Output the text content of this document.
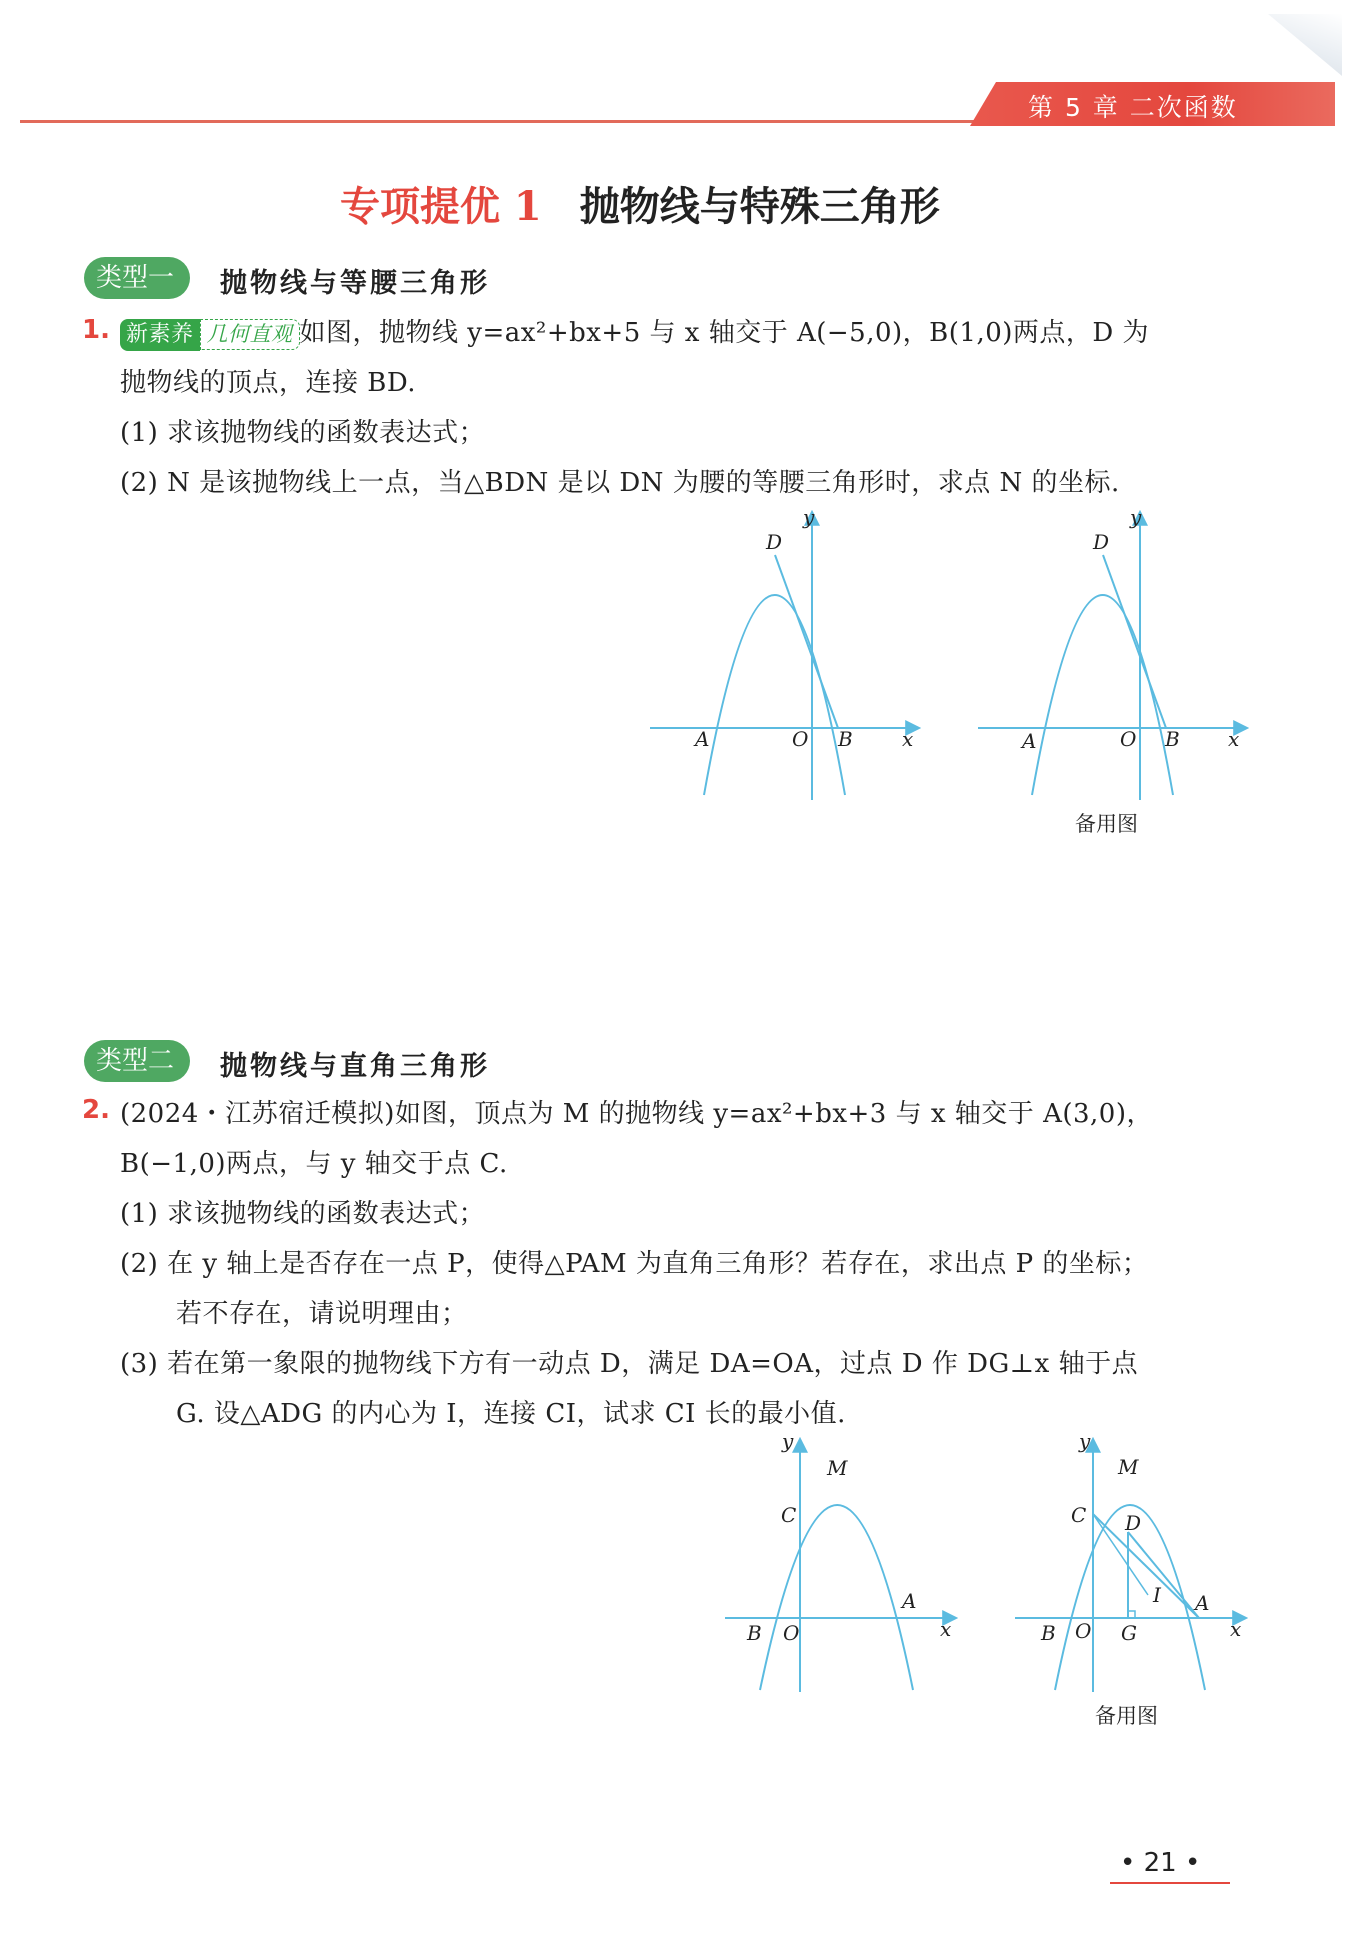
第 5 章 二次函数
专项提优 1 抛物线与特殊三角形
类型一	抛物线与等腰三角形
1. 新素养 几何直观 如图，抛物线 y=ax²+bx+5 与 x 轴交于 A(−5,0)，B(1,0)两点，D 为
抛物线的顶点，连接 BD.
(1) 求该抛物线的函数表达式；
(2) N 是该抛物线上一点，当△BDN 是以 DN 为腰的等腰三角形时，求点 N 的坐标.
y
D
A	O B x
y
D
A	O B x
备用图
类型二	抛物线与直角三角形
2. (2024・江苏宿迁模拟)如图，顶点为 M 的抛物线 y=ax²+bx+3 与 x 轴交于 A(3,0)，
B(−1,0)两点，与 y 轴交于点 C.
(1) 求该抛物线的函数表达式；
(2) 在 y 轴上是否存在一点 P，使得△PAM 为直角三角形？若存在，求出点 P 的坐标；
若不存在，请说明理由；
(3) 若在第一象限的抛物线下方有一动点 D，满足 DA=OA，过点 D 作 DG⊥x 轴于点
G. 设△ADG 的内心为 I，连接 CI，试求 CI 长的最小值.
y
M
C
A
B O	x
y
M
C D
I A
B O G	x
备用图
• 21 •
